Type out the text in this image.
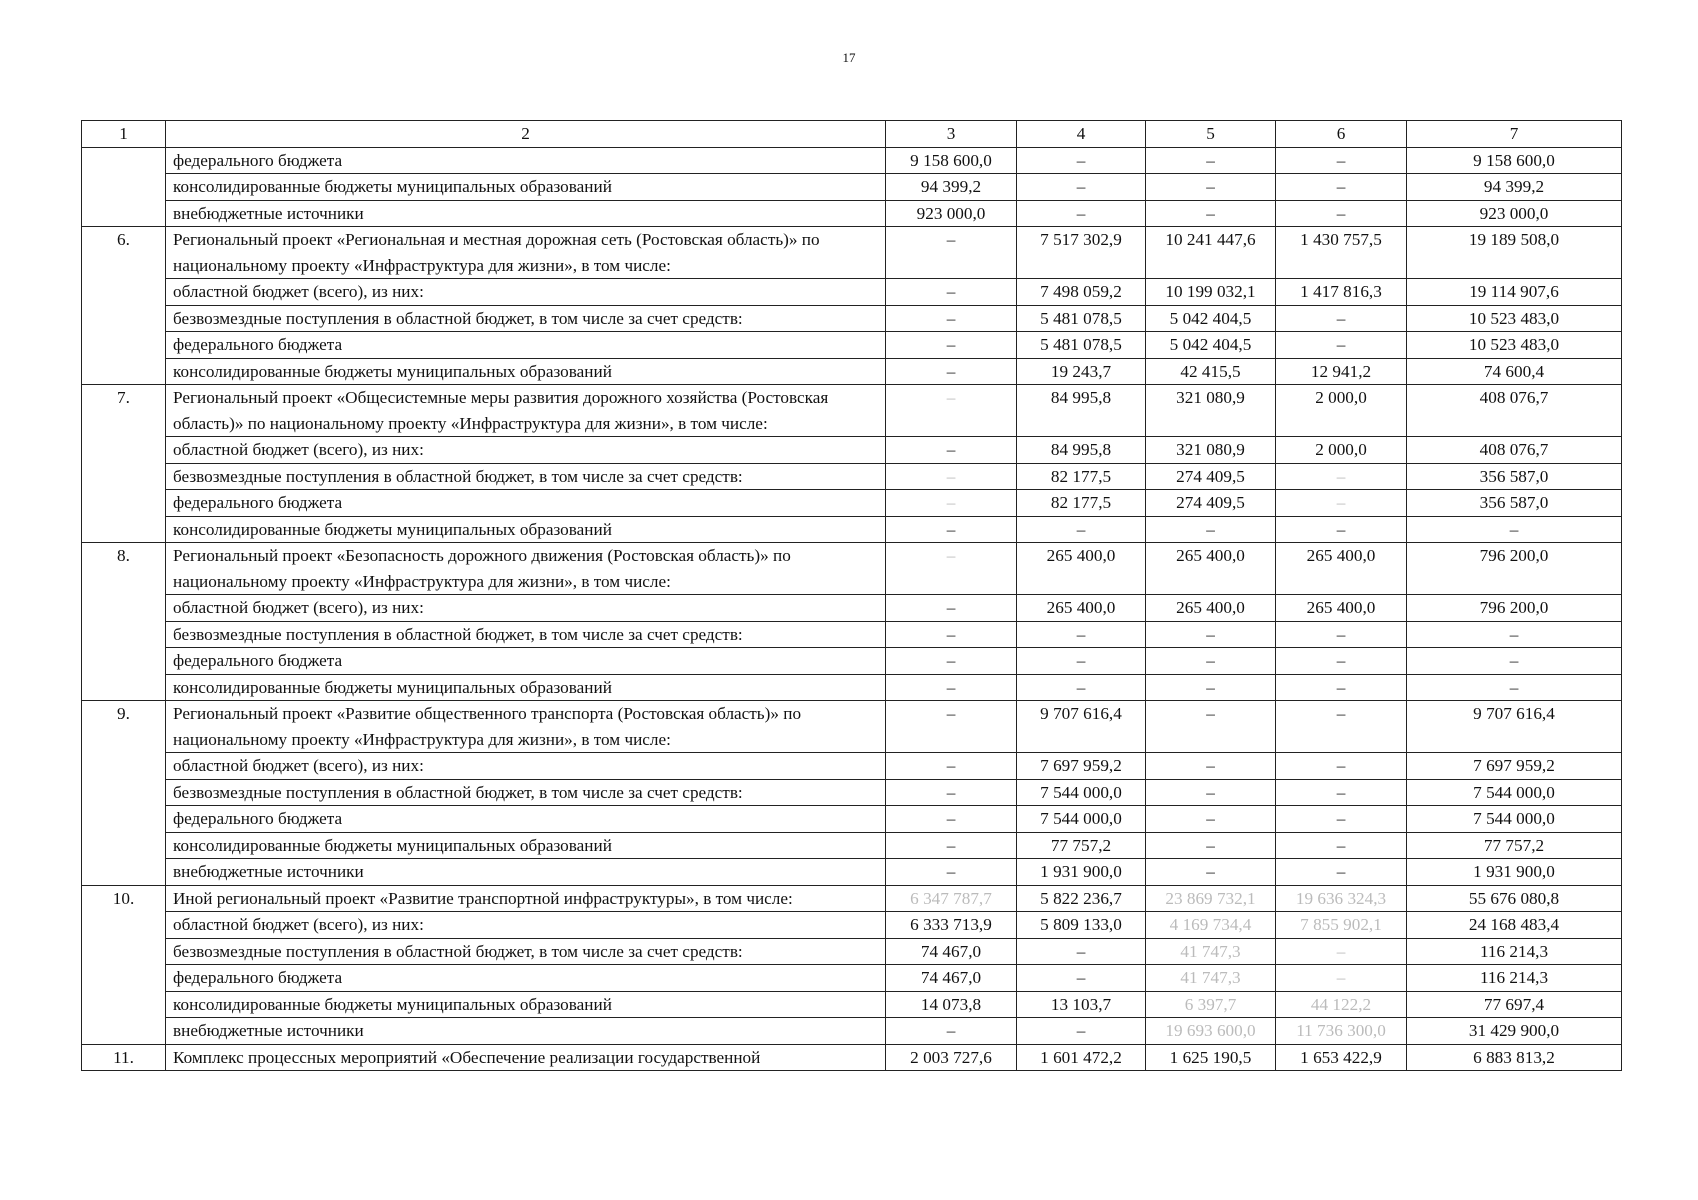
17
1	2	3	4	5	6	7
	федерального бюджета	9 158 600,0	–	–	–	9 158 600,0
	консолидированные бюджеты муниципальных образований	94 399,2	–	–	–	94 399,2
	внебюджетные источники	923 000,0	–	–	–	923 000,0
6.	Региональный проект «Региональная и местная дорожная сеть (Ростовская область)» по национальному проекту «Инфраструктура для жизни», в том числе:	–	7 517 302,9	10 241 447,6	1 430 757,5	19 189 508,0
	областной бюджет (всего), из них:	–	7 498 059,2	10 199 032,1	1 417 816,3	19 114 907,6
	безвозмездные поступления в областной бюджет, в том числе за счет средств:	–	5 481 078,5	5 042 404,5	–	10 523 483,0
	федерального бюджета	–	5 481 078,5	5 042 404,5	–	10 523 483,0
	консолидированные бюджеты муниципальных образований	–	19 243,7	42 415,5	12 941,2	74 600,4
7.	Региональный проект «Общесистемные меры развития дорожного хозяйства (Ростовская область)» по национальному проекту «Инфраструктура для жизни», в том числе:	–	84 995,8	321 080,9	2 000,0	408 076,7
	областной бюджет (всего), из них:	–	84 995,8	321 080,9	2 000,0	408 076,7
	безвозмездные поступления в областной бюджет, в том числе за счет средств:	–	82 177,5	274 409,5	–	356 587,0
	федерального бюджета	–	82 177,5	274 409,5	–	356 587,0
	консолидированные бюджеты муниципальных образований	–	–	–	–	–
8.	Региональный проект «Безопасность дорожного движения (Ростовская область)» по национальному проекту «Инфраструктура для жизни», в том числе:	–	265 400,0	265 400,0	265 400,0	796 200,0
	областной бюджет (всего), из них:	–	265 400,0	265 400,0	265 400,0	796 200,0
	безвозмездные поступления в областной бюджет, в том числе за счет средств:	–	–	–	–	–
	федерального бюджета	–	–	–	–	–
	консолидированные бюджеты муниципальных образований	–	–	–	–	–
9.	Региональный проект «Развитие общественного транспорта (Ростовская область)» по национальному проекту «Инфраструктура для жизни», в том числе:	–	9 707 616,4	–	–	9 707 616,4
	областной бюджет (всего), из них:	–	7 697 959,2	–	–	7 697 959,2
	безвозмездные поступления в областной бюджет, в том числе за счет средств:	–	7 544 000,0	–	–	7 544 000,0
	федерального бюджета	–	7 544 000,0	–	–	7 544 000,0
	консолидированные бюджеты муниципальных образований	–	77 757,2	–	–	77 757,2
	внебюджетные источники	–	1 931 900,0	–	–	1 931 900,0
10.	Иной региональный проект «Развитие транспортной инфраструктуры», в том числе:	6 347 787,7	5 822 236,7	23 869 732,1	19 636 324,3	55 676 080,8
	областной бюджет (всего), из них:	6 333 713,9	5 809 133,0	4 169 734,4	7 855 902,1	24 168 483,4
	безвозмездные поступления в областной бюджет, в том числе за счет средств:	74 467,0	–	41 747,3	–	116 214,3
	федерального бюджета	74 467,0	–	41 747,3	–	116 214,3
	консолидированные бюджеты муниципальных образований	14 073,8	13 103,7	6 397,7	44 122,2	77 697,4
	внебюджетные источники	–	–	19 693 600,0	11 736 300,0	31 429 900,0
11.	Комплекс процессных мероприятий «Обеспечение реализации государственной	2 003 727,6	1 601 472,2	1 625 190,5	1 653 422,9	6 883 813,2
